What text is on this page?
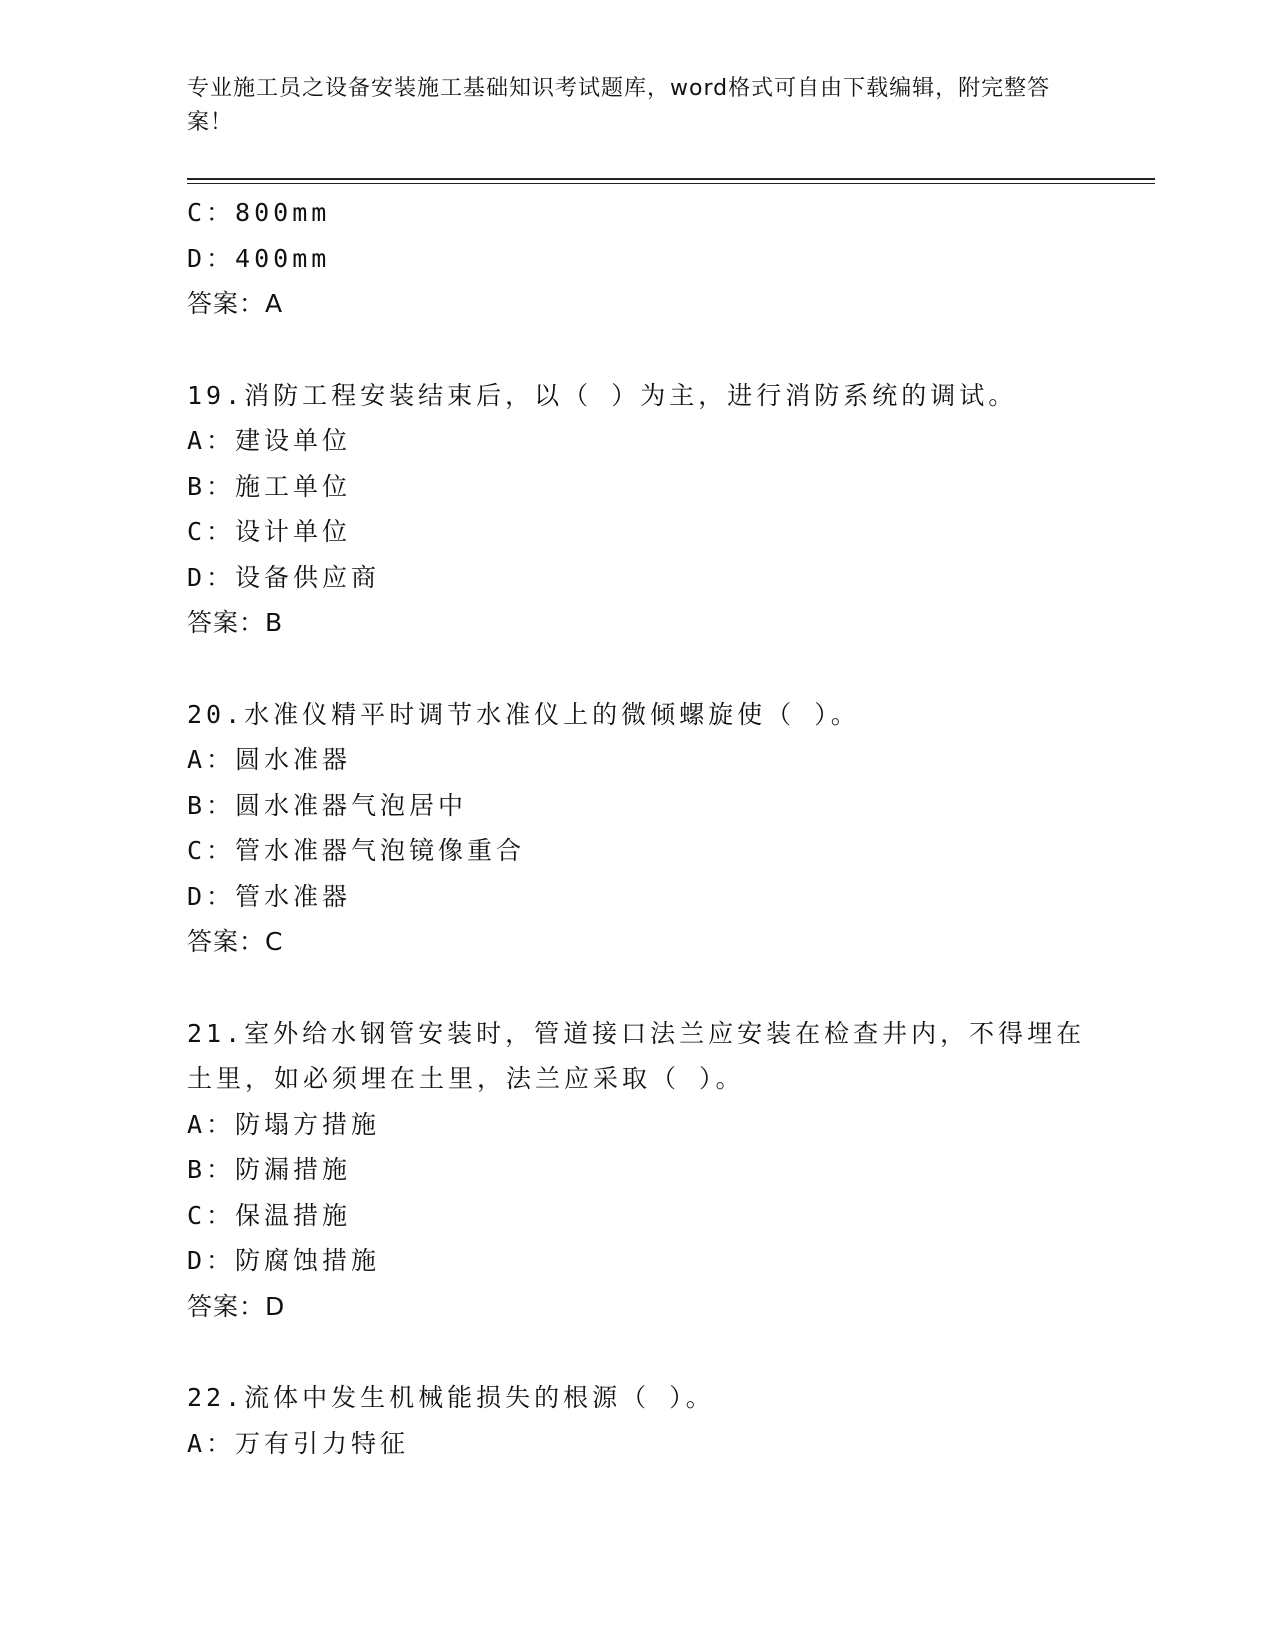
专业施工员之设备安装施工基础知识考试题库，word格式可自由下载编辑，附完整答案！
C：800mm
D：400mm
答案：A
19.消防工程安装结束后，以（ ）为主，进行消防系统的调试。
A：建设单位
B：施工单位
C：设计单位
D：设备供应商
答案：B
20.水准仪精平时调节水准仪上的微倾螺旋使（ ）。
A：圆水准器
B：圆水准器气泡居中
C：管水准器气泡镜像重合
D：管水准器
答案：C
21.室外给水钢管安装时，管道接口法兰应安装在检查井内，不得埋在土里，如必须埋在土里，法兰应采取（ ）。
A：防塌方措施
B：防漏措施
C：保温措施
D：防腐蚀措施
答案：D
22.流体中发生机械能损失的根源（ ）。
A：万有引力特征
